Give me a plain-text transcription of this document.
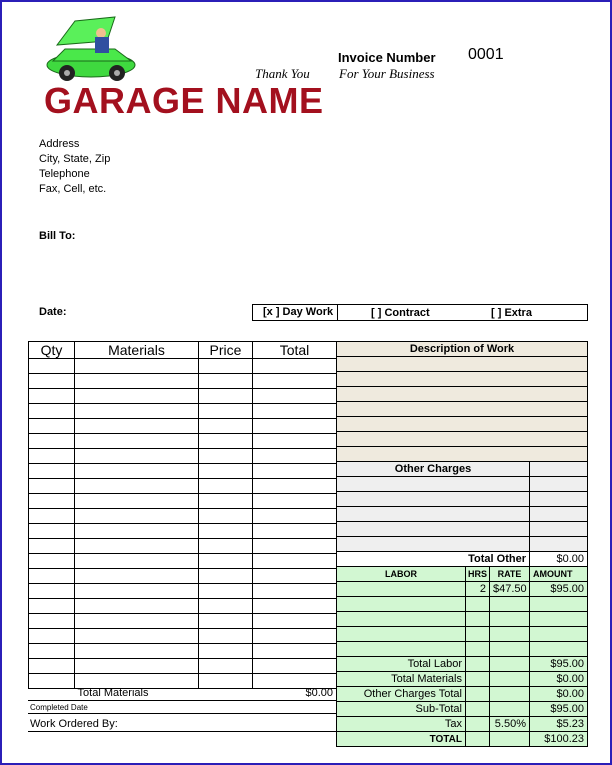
GARAGE NAME
Thank You For Your Business
Invoice Number 0001
Address
City, State, Zip
Telephone
Fax, Cell, etc.
Bill To:
Date:	[x ] Day Work	[ ] Contract	[ ] Extra
Qty	Materials	Price	Total

Total Materials	$0.00
Completed Date
Work Ordered By:
Description of Work			

Other Charges			

Total Other			$0.00
LABOR	HRS	RATE	AMOUNT
	2	$47.50	$95.00

Total Labor			$95.00
Total Materials			$0.00
Other Charges Total			$0.00
Sub-Total			$95.00
Tax		5.50%	$5.23
TOTAL			$100.23
